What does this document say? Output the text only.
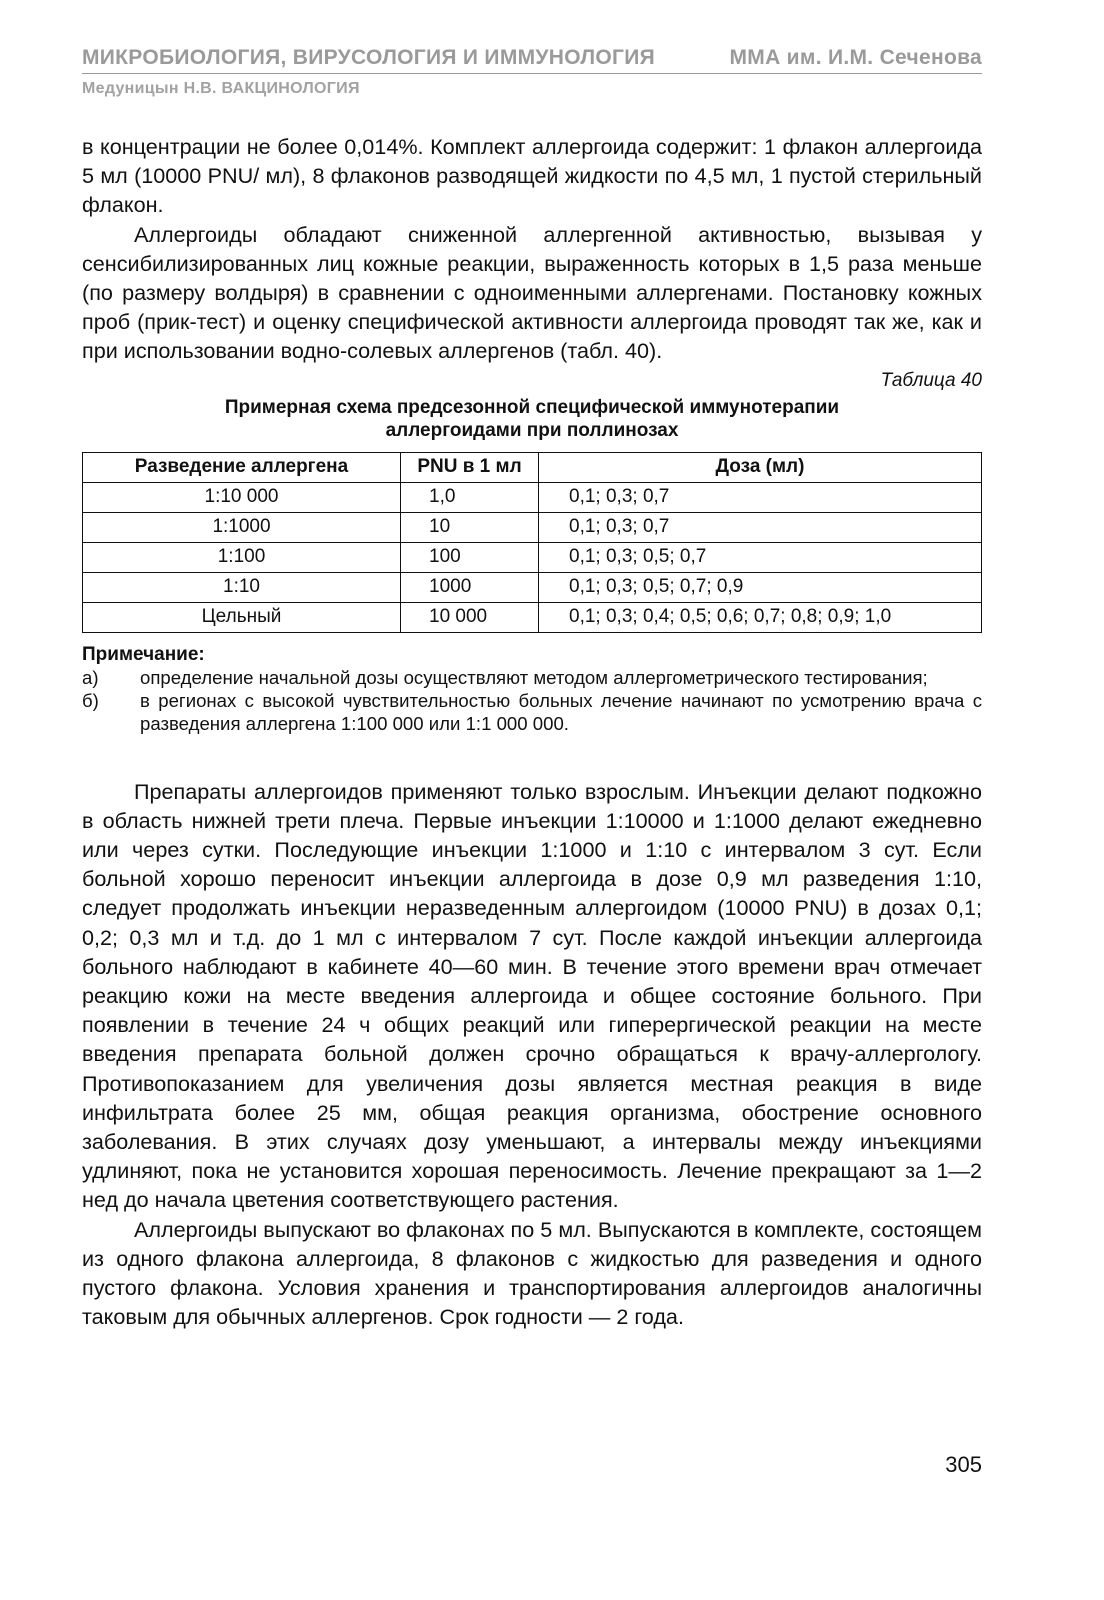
МИКРОБИОЛОГИЯ, ВИРУСОЛОГИЯ И ИММУНОЛОГИЯ	ММА им. И.М. Сеченова
Медуницын Н.В. ВАКЦИНОЛОГИЯ

в концентрации не более 0,014%. Комплект аллергоида содержит: 1 флакон аллергоида 5 мл (10000 PNU/ мл), 8 флаконов разводящей жидкости по 4,5 мл, 1 пустой стерильный флакон.

Аллергоиды обладают сниженной аллергенной активностью, вызывая у сенсибилизированных лиц кожные реакции, выраженность которых в 1,5 раза меньше (по размеру волдыря) в сравнении с одноименными аллергенами. Постановку кожных проб (прик-тест) и оценку специфической активности аллергоида проводят так же, как и при использовании водно-солевых аллергенов (табл. 40).

Таблица 40
Примерная схема предсезонной специфической иммунотерапии
аллергоидами при поллинозах
Разведение аллергена	PNU в 1 мл	Доза (мл)
1:10 000	1,0	0,1; 0,3; 0,7
1:1000	10	0,1; 0,3; 0,7
1:100	100	0,1; 0,3; 0,5; 0,7
1:10	1000	0,1; 0,3; 0,5; 0,7; 0,9
Цельный	10 000	0,1; 0,3; 0,4; 0,5; 0,6; 0,7; 0,8; 0,9; 1,0
Примечание:
а)	определение начальной дозы осуществляют методом аллергометрического тестирования;
б)	в регионах с высокой чувствительностью больных лечение начинают по усмотрению врача с разведения аллергена 1:100 000 или 1:1 000 000.

Препараты аллергоидов применяют только взрослым. Инъекции делают подкожно в область нижней трети плеча. Первые инъекции 1:10000 и 1:1000 делают ежедневно или через сутки. Последующие инъекции 1:1000 и 1:10 с интервалом 3 сут. Если больной хорошо переносит инъекции аллергоида в дозе 0,9 мл разведения 1:10, следует продолжать инъекции неразведенным аллергоидом (10000 PNU) в дозах 0,1; 0,2; 0,3 мл и т.д. до 1 мл с интервалом 7 сут. После каждой инъекции аллергоида больного наблюдают в кабинете 40—60 мин. В течение этого времени врач отмечает реакцию кожи на месте введения аллергоида и общее состояние больного. При появлении в течение 24 ч общих реакций или гиперергической реакции на месте введения препарата больной должен срочно обращаться к врачу-аллергологу. Противопоказанием для увеличения дозы является местная реакция в виде инфильтрата более 25 мм, общая реакция организма, обострение основного заболевания. В этих случаях дозу уменьшают, а интервалы между инъекциями удлиняют, пока не установится хорошая переносимость. Лечение прекращают за 1—2 нед до начала цветения соответствующего растения.

Аллергоиды выпускают во флаконах по 5 мл. Выпускаются в комплекте, состоящем из одного флакона аллергоида, 8 флаконов с жидкостью для разведения и одного пустого флакона. Условия хранения и транспортирования аллергоидов аналогичны таковым для обычных аллергенов. Срок годности — 2 года.

305
